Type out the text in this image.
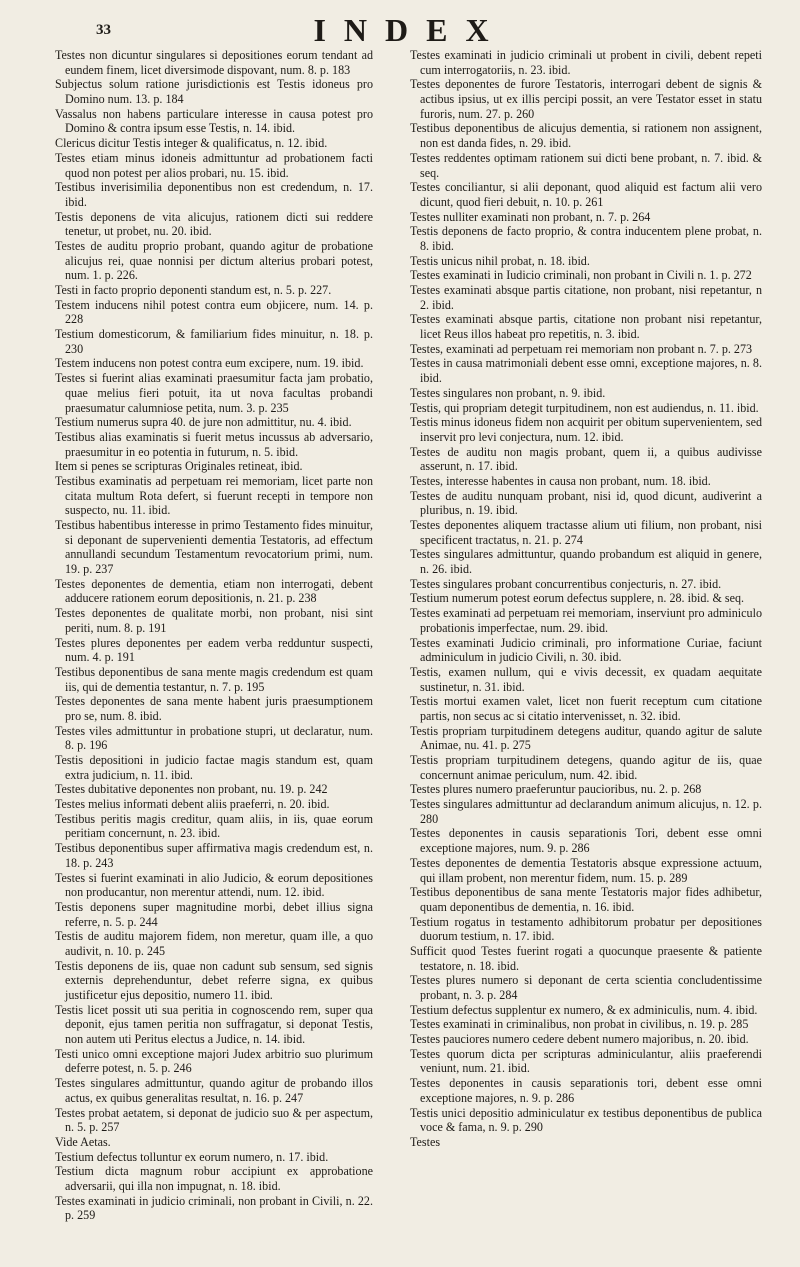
33	INDEX

Testes non dicuntur singulares si depositiones eorum tendant ad eundem finem, licet diversimode dispovant, num. 8. p. 183

Subjectus solum ratione jurisdictionis est Testis idoneus pro Domino num. 13. p. 184

Vassalus non habens particulare interesse in causa potest pro Domino & contra ipsum esse Testis, n. 14. ibid.

Clericus dicitur Testis integer & qualificatus, n. 12. ibid.

Testes etiam minus idoneis admittuntur ad probationem facti quod non potest per alios probari, nu. 15. ibid.

Testibus inverisimilia deponentibus non est credendum, n. 17. ibid.

Testis deponens de vita alicujus, rationem dicti sui reddere tenetur, ut probet, nu. 20. ibid.

Testes de auditu proprio probant, quando agitur de probatione alicujus rei, quae nonnisi per dictum alterius probari potest, num. 1. p. 226.

Testi in facto proprio deponenti standum est, n. 5. p. 227.

Testem inducens nihil potest contra eum objicere, num. 14. p. 228

Testium domesticorum, & familiarium fides minuitur, n. 18. p. 230

Testem inducens non potest contra eum excipere, num. 19. ibid.

Testes si fuerint alias examinati praesumitur facta jam probatio, quae melius fieri potuit, ita ut nova facultas probandi praesumatur calumniose petita, num. 3. p. 235

Testium numerus supra 40. de jure non admittitur, nu. 4. ibid.

Testibus alias examinatis si fuerit metus incussus ab adversario, praesumitur in eo potentia in futurum, n. 5. ibid.

Item si penes se scripturas Originales retineat, ibid.

Testibus examinatis ad perpetuam rei memoriam, licet parte non citata multum Rota defert, si fuerunt recepti in tempore non suspecto, nu. 11. ibid.

Testibus habentibus interesse in primo Testamento fides minuitur, si deponant de supervenienti dementia Testatoris, ad effectum annullandi secundum Testamentum revocatorium primi, num. 19. p. 237

Testes deponentes de dementia, etiam non interrogati, debent adducere rationem eorum depositionis, n. 21. p. 238

Testes deponentes de qualitate morbi, non probant, nisi sint periti, num. 8. p. 191

Testes plures deponentes per eadem verba redduntur suspecti, num. 4. p. 191

Testibus deponentibus de sana mente magis credendum est quam iis, qui de dementia testantur, n. 7. p. 195

Testes deponentes de sana mente habent juris praesumptionem pro se, num. 8. ibid.

Testes viles admittuntur in probatione stupri, ut declaratur, num. 8. p. 196

Testis depositioni in judicio factae magis standum est, quam extra judicium, n. 11. ibid.

Testes dubitative deponentes non probant, nu. 19. p. 242

Testes melius informati debent aliis praeferri, n. 20. ibid.

Testibus peritis magis creditur, quam aliis, in iis, quae eorum peritiam concernunt, n. 23. ibid.

Testibus deponentibus super affirmativa magis credendum est, n. 18. p. 243

Testes si fuerint examinati in alio Judicio, & eorum depositiones non producantur, non merentur attendi, num. 12. ibid.

Testis deponens super magnitudine morbi, debet illius signa referre, n. 5. p. 244

Testis de auditu majorem fidem, non meretur, quam ille, a quo audivit, n. 10. p. 245

Testis deponens de iis, quae non cadunt sub sensum, sed signis externis deprehenduntur, debet referre signa, ex quibus justificetur ejus depositio, numero 11. ibid.

Testis licet possit uti sua peritia in cognoscendo rem, super qua deponit, ejus tamen peritia non suffragatur, si deponat Testis, non autem uti Peritus electus a Judice, n. 14. ibid.

Testi unico omni exceptione majori Judex arbitrio suo plurimum deferre potest, n. 5. p. 246

Testes singulares admittuntur, quando agitur de probando illos actus, ex quibus generalitas resultat, n. 16. p. 247

Testes probat aetatem, si deponat de judicio suo & per aspectum, n. 5. p. 257

Vide Aetas.

Testium defectus tolluntur ex eorum numero, n. 17. ibid.

Testium dicta magnum robur accipiunt ex approbatione adversarii, qui illa non impugnat, n. 18. ibid.

Testes examinati in judicio criminali, non probant in Civili, n. 22. p. 259

Testes examinati in judicio criminali ut probent in civili, debent repeti cum interrogatoriis, n. 23. ibid.

Testes deponentes de furore Testatoris, interrogari debent de signis & actibus ipsius, ut ex illis percipi possit, an vere Testator esset in statu furoris, num. 27. p. 260

Testibus deponentibus de alicujus dementia, si rationem non assignent, non est danda fides, n. 29. ibid.

Testes reddentes optimam rationem sui dicti bene probant, n. 7. ibid. & seq.

Testes conciliantur, si alii deponant, quod aliquid est factum alii vero dicunt, quod fieri debuit, n. 10. p. 261

Testes nulliter examinati non probant, n. 7. p. 264

Testis deponens de facto proprio, & contra inducentem plene probat, n. 8. ibid.

Testis unicus nihil probat, n. 18. ibid.

Testes examinati in Iudicio criminali, non probant in Civili n. 1. p. 272

Testes examinati absque partis citatione, non probant, nisi repetantur, n 2. ibid.

Testes examinati absque partis, citatione non probant nisi repetantur, licet Reus illos habeat pro repetitis, n. 3. ibid.

Testes, examinati ad perpetuam rei memoriam non probant n. 7. p. 273

Testes in causa matrimoniali debent esse omni, exceptione majores, n. 8. ibid.

Testes singulares non probant, n. 9. ibid.

Testis, qui propriam detegit turpitudinem, non est audiendus, n. 11. ibid.

Testis minus idoneus fidem non acquirit per obitum supervenientem, sed inservit pro levi conjectura, num. 12. ibid.

Testes de auditu non magis probant, quem ii, a quibus audivisse asserunt, n. 17. ibid.

Testes, interesse habentes in causa non probant, num. 18. ibid.

Testes de auditu nunquam probant, nisi id, quod dicunt, audiverint a pluribus, n. 19. ibid.

Testes deponentes aliquem tractasse alium uti filium, non probant, nisi specificent tractatus, n. 21. p. 274

Testes singulares admittuntur, quando probandum est aliquid in genere, n. 26. ibid.

Testes singulares probant concurrentibus conjecturis, n. 27. ibid.

Testium numerum potest eorum defectus supplere, n. 28. ibid. & seq.

Testes examinati ad perpetuam rei memoriam, inserviunt pro adminiculo probationis imperfectae, num. 29. ibid.

Testes examinati Judicio criminali, pro informatione Curiae, faciunt adminiculum in judicio Civili, n. 30. ibid.

Testis, examen nullum, qui e vivis decessit, ex quadam aequitate sustinetur, n. 31. ibid.

Testis mortui examen valet, licet non fuerit receptum cum citatione partis, non secus ac si citatio intervenisset, n. 32. ibid.

Testis propriam turpitudinem detegens auditur, quando agitur de salute Animae, nu. 41. p. 275

Testis propriam turpitudinem detegens, quando agitur de iis, quae concernunt animae periculum, num. 42. ibid.

Testes plures numero praeferuntur paucioribus, nu. 2. p. 268

Testes singulares admittuntur ad declarandum animum alicujus, n. 12. p. 280

Testes deponentes in causis separationis Tori, debent esse omni exceptione majores, num. 9. p. 286

Testes deponentes de dementia Testatoris absque expressione actuum, qui illam probent, non merentur fidem, num. 15. p. 289

Testibus deponentibus de sana mente Testatoris major fides adhibetur, quam deponentibus de dementia, n. 16. ibid.

Testium rogatus in testamento adhibitorum probatur per depositiones duorum testium, n. 17. ibid.

Sufficit quod Testes fuerint rogati a quocunque praesente & patiente testatore, n. 18. ibid.

Testes plures numero si deponant de certa scientia concludentissime probant, n. 3. p. 284

Testium defectus supplentur ex numero, & ex adminiculis, num. 4. ibid.

Testes examinati in criminalibus, non probat in civilibus, n. 19. p. 285

Testes pauciores numero cedere debent numero majoribus, n. 20. ibid.

Testes quorum dicta per scripturas adminiculantur, aliis praeferendi veniunt, num. 21. ibid.

Testes deponentes in causis separationis tori, debent esse omni exceptione majores, n. 9. p. 286

Testis unici depositio adminiculatur ex testibus deponentibus de publica voce & fama, n. 9. p. 290

Testes
